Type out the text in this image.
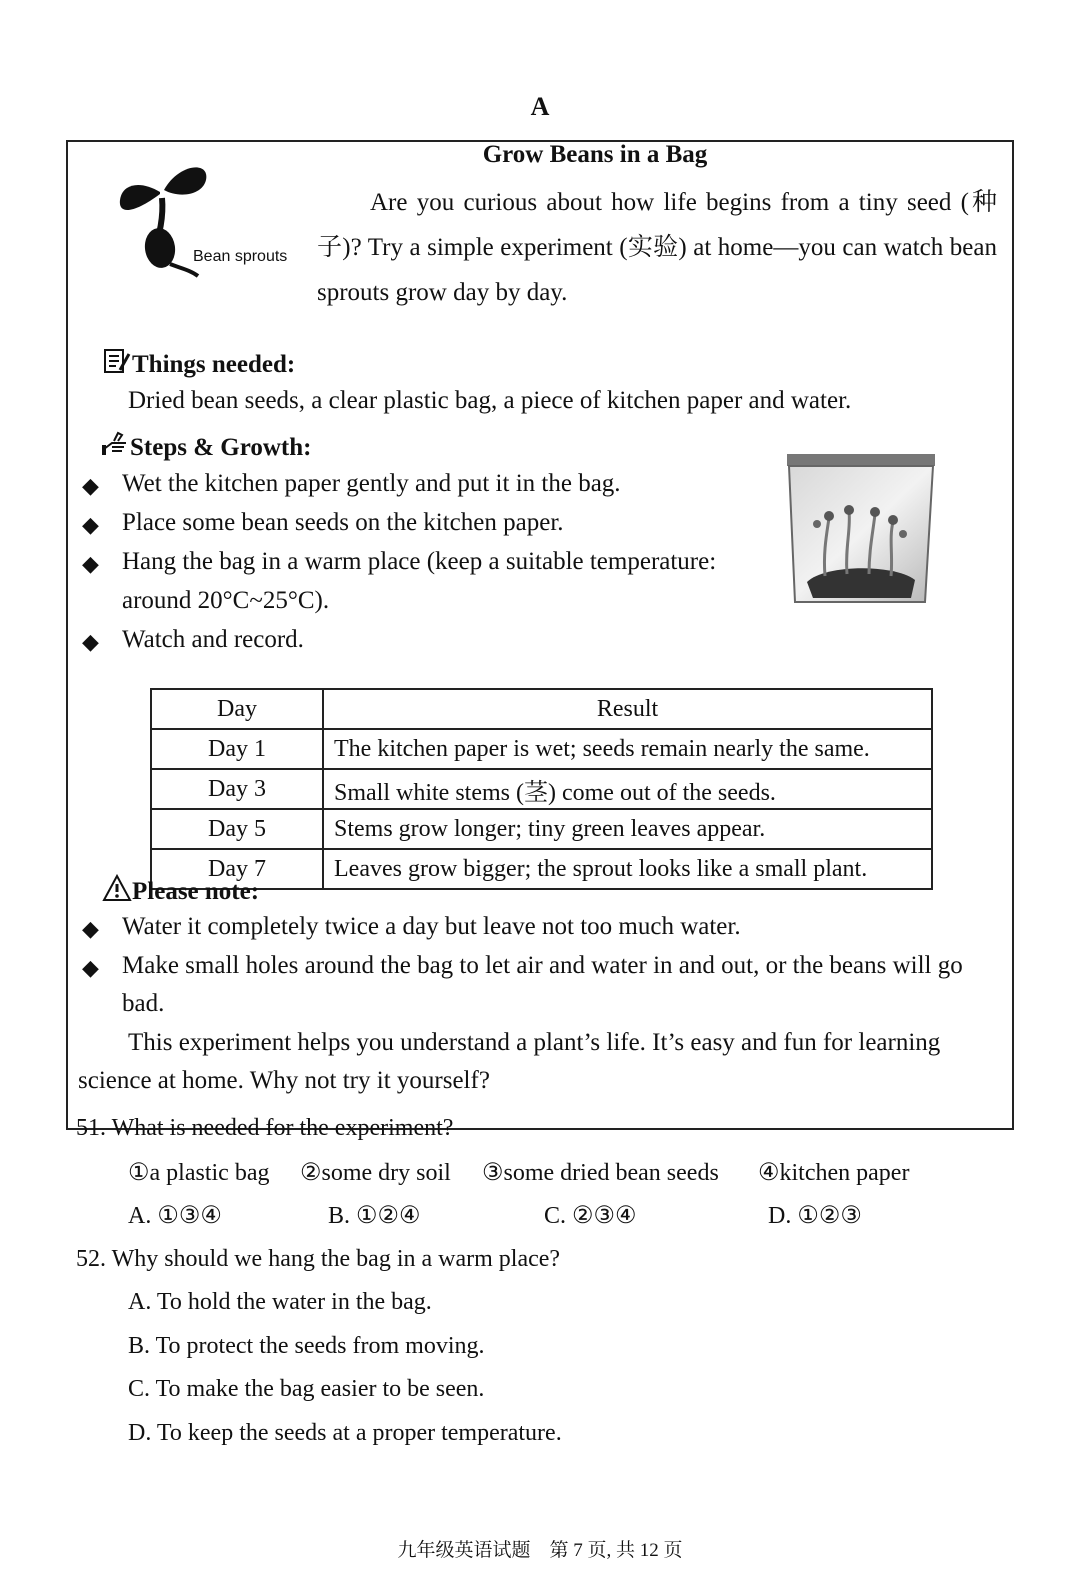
A
Grow Beans in a Bag
Bean sprouts
Are you curious about how life begins from a tiny seed (种子)? Try a simple experiment (实验) at home—you can watch bean sprouts grow day by day.
Things needed:
Dried bean seeds, a clear plastic bag, a piece of kitchen paper and water.
Steps & Growth:
◆ Wet the kitchen paper gently and put it in the bag.
◆ Place some bean seeds on the kitchen paper.
◆ Hang the bag in a warm place (keep a suitable temperature:
around 20°C~25°C).
◆ Watch and record.
Day	Result
Day 1	The kitchen paper is wet; seeds remain nearly the same.
Day 3	Small white stems (茎) come out of the seeds.
Day 5	Stems grow longer; tiny green leaves appear.
Day 7	Leaves grow bigger; the sprout looks like a small plant.
Please note:
◆ Water it completely twice a day but leave not too much water.
◆ Make small holes around the bag to let air and water in and out, or the beans will go
bad.
This experiment helps you understand a plant’s life. It’s easy and fun for learning
science at home. Why not try it yourself?
51. What is needed for the experiment?
①a plastic bag ②some dry soil ③some dried bean seeds ④kitchen paper
A. ①③④	B. ①②④	C. ②③④	D. ①②③
52. Why should we hang the bag in a warm place?
A. To hold the water in the bag.
B. To protect the seeds from moving.
C. To make the bag easier to be seen.
D. To keep the seeds at a proper temperature.
九年级英语试题　第 7 页, 共 12 页
